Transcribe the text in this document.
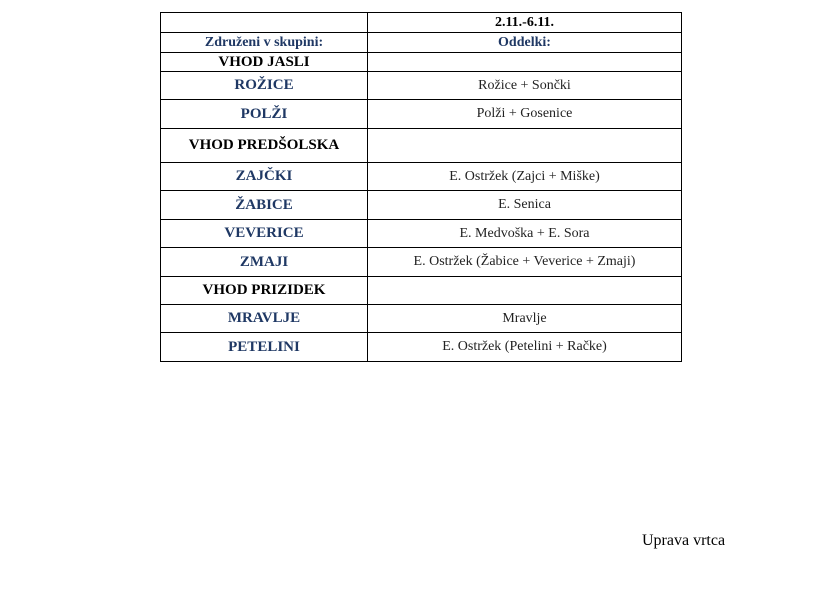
	2.11.-6.11.
Združeni v skupini:	Oddelki:
VHOD JASLI	
ROŽICE	Rožice + Sončki
POLŽI	Polži + Gosenice
VHOD PREDŠOLSKA	
ZAJČKI	E. Ostržek (Zajci + Miške)
ŽABICE	E. Senica
VEVERICE	E. Medvoška + E. Sora
ZMAJI	E. Ostržek (Žabice + Veverice + Zmaji)
VHOD PRIZIDEK	
MRAVLJE	Mravlje
PETELINI	E. Ostržek (Petelini + Račke)
Uprava vrtca
